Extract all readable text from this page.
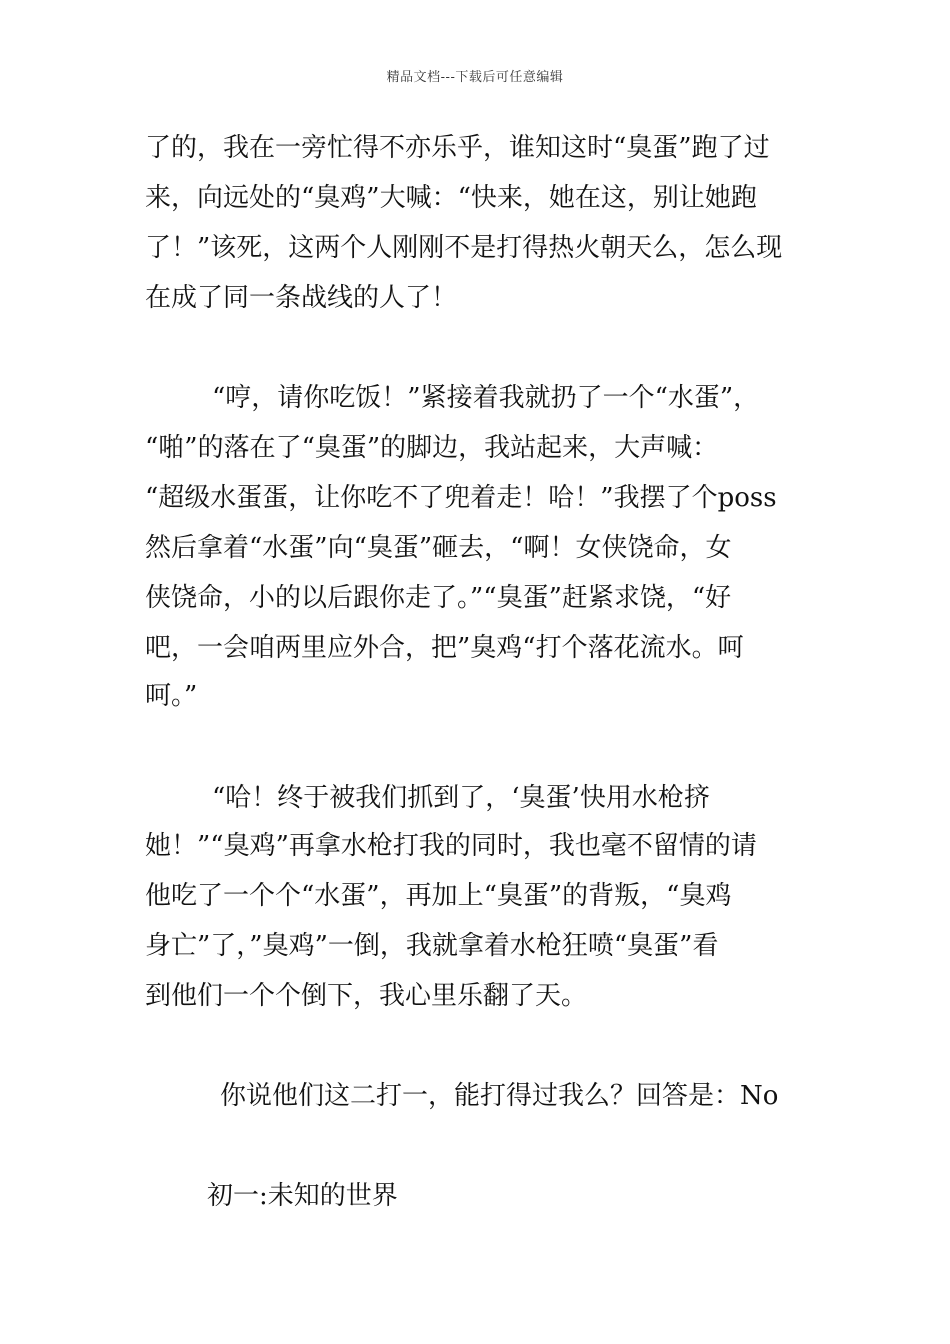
精品文档---下载后可任意编辑
了的，我在一旁忙得不亦乐乎，谁知这时“臭蛋”跑了过
来，向远处的“臭鸡”大喊：“快来，她在这，别让她跑
了！”该死，这两个人刚刚不是打得热火朝天么，怎么现
在成了同一条战线的人了！
“哼，请你吃饭！”紧接着我就扔了一个“水蛋”，
“啪”的落在了“臭蛋”的脚边，我站起来，大声喊：
“超级水蛋蛋，让你吃不了兜着走！哈！”我摆了个poss
然后拿着“水蛋”向“臭蛋”砸去，“啊！女侠饶命，女
侠饶命，小的以后跟你走了。”“臭蛋”赶紧求饶，“好
吧，一会咱两里应外合，把”臭鸡“打个落花流水。呵
呵。”
“哈！终于被我们抓到了，‘臭蛋’快用水枪挤
她！”“臭鸡”再拿水枪打我的同时，我也毫不留情的请
他吃了一个个“水蛋”，再加上“臭蛋”的背叛，“臭鸡
身亡”了，”臭鸡”一倒，我就拿着水枪狂喷“臭蛋”看
到他们一个个倒下，我心里乐翻了天。
你说他们这二打一，能打得过我么？回答是：No
初一:未知的世界
